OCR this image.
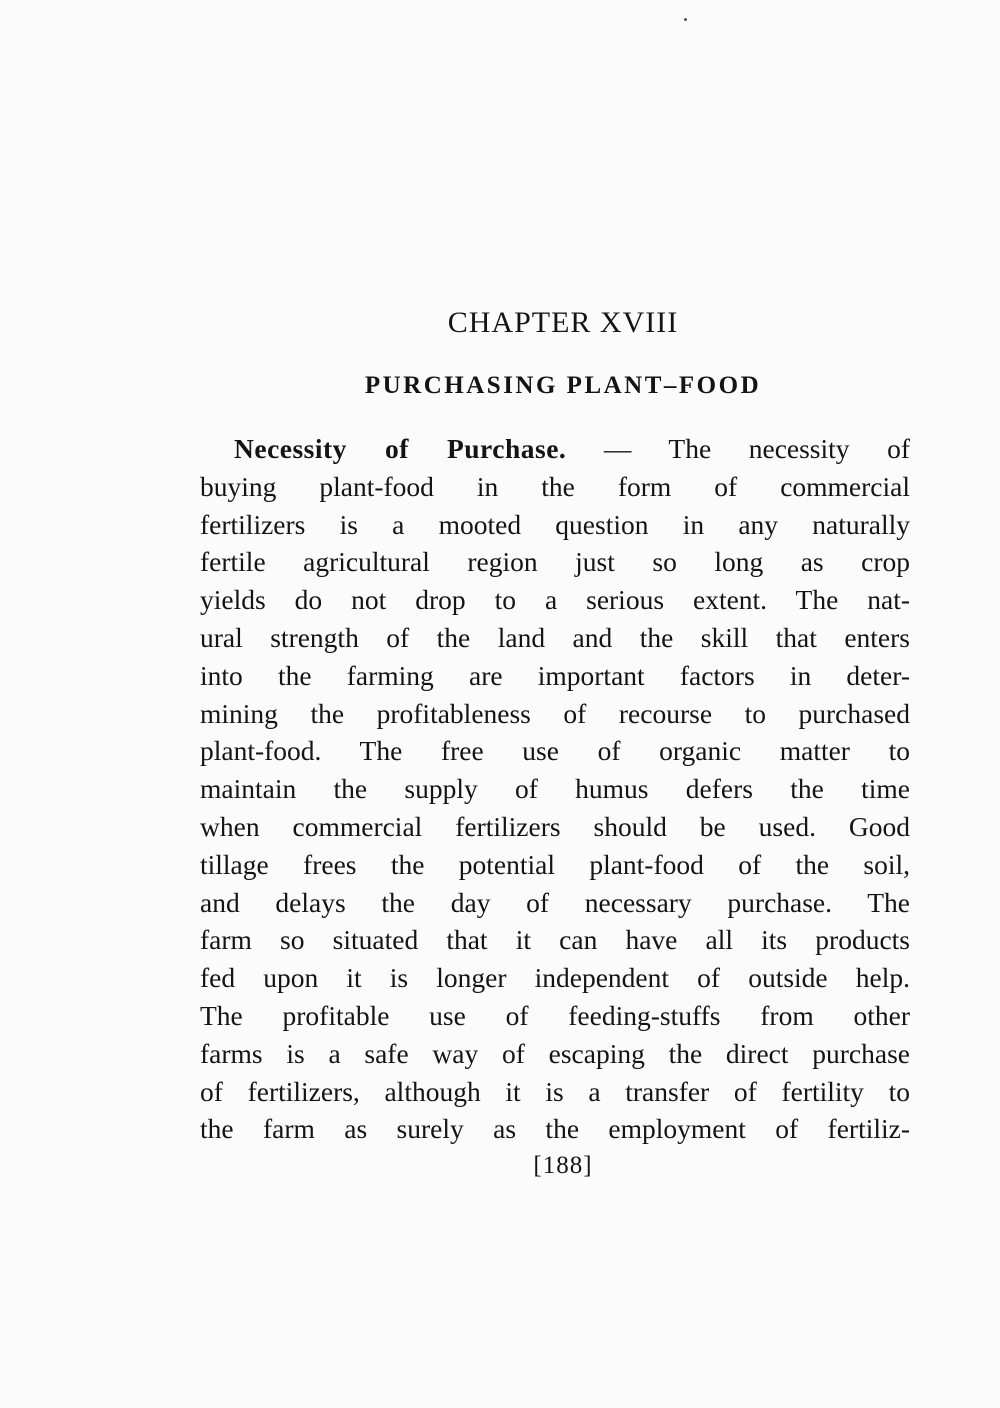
CHAPTER XVIII
PURCHASING PLANT–FOOD
Necessity of Purchase. — The necessity of
buying plant-food in the form of commercial
fertilizers is a mooted question in any naturally
fertile agricultural region just so long as crop
yields do not drop to a serious extent. The nat-
ural strength of the land and the skill that enters
into the farming are important factors in deter-
mining the profitableness of recourse to purchased
plant-food. The free use of organic matter to
maintain the supply of humus defers the time
when commercial fertilizers should be used. Good
tillage frees the potential plant-food of the soil,
and delays the day of necessary purchase. The
farm so situated that it can have all its products
fed upon it is longer independent of outside help.
The profitable use of feeding-stuffs from other
farms is a safe way of escaping the direct purchase
of fertilizers, although it is a transfer of fertility to
the farm as surely as the employment of fertiliz-
[188]
